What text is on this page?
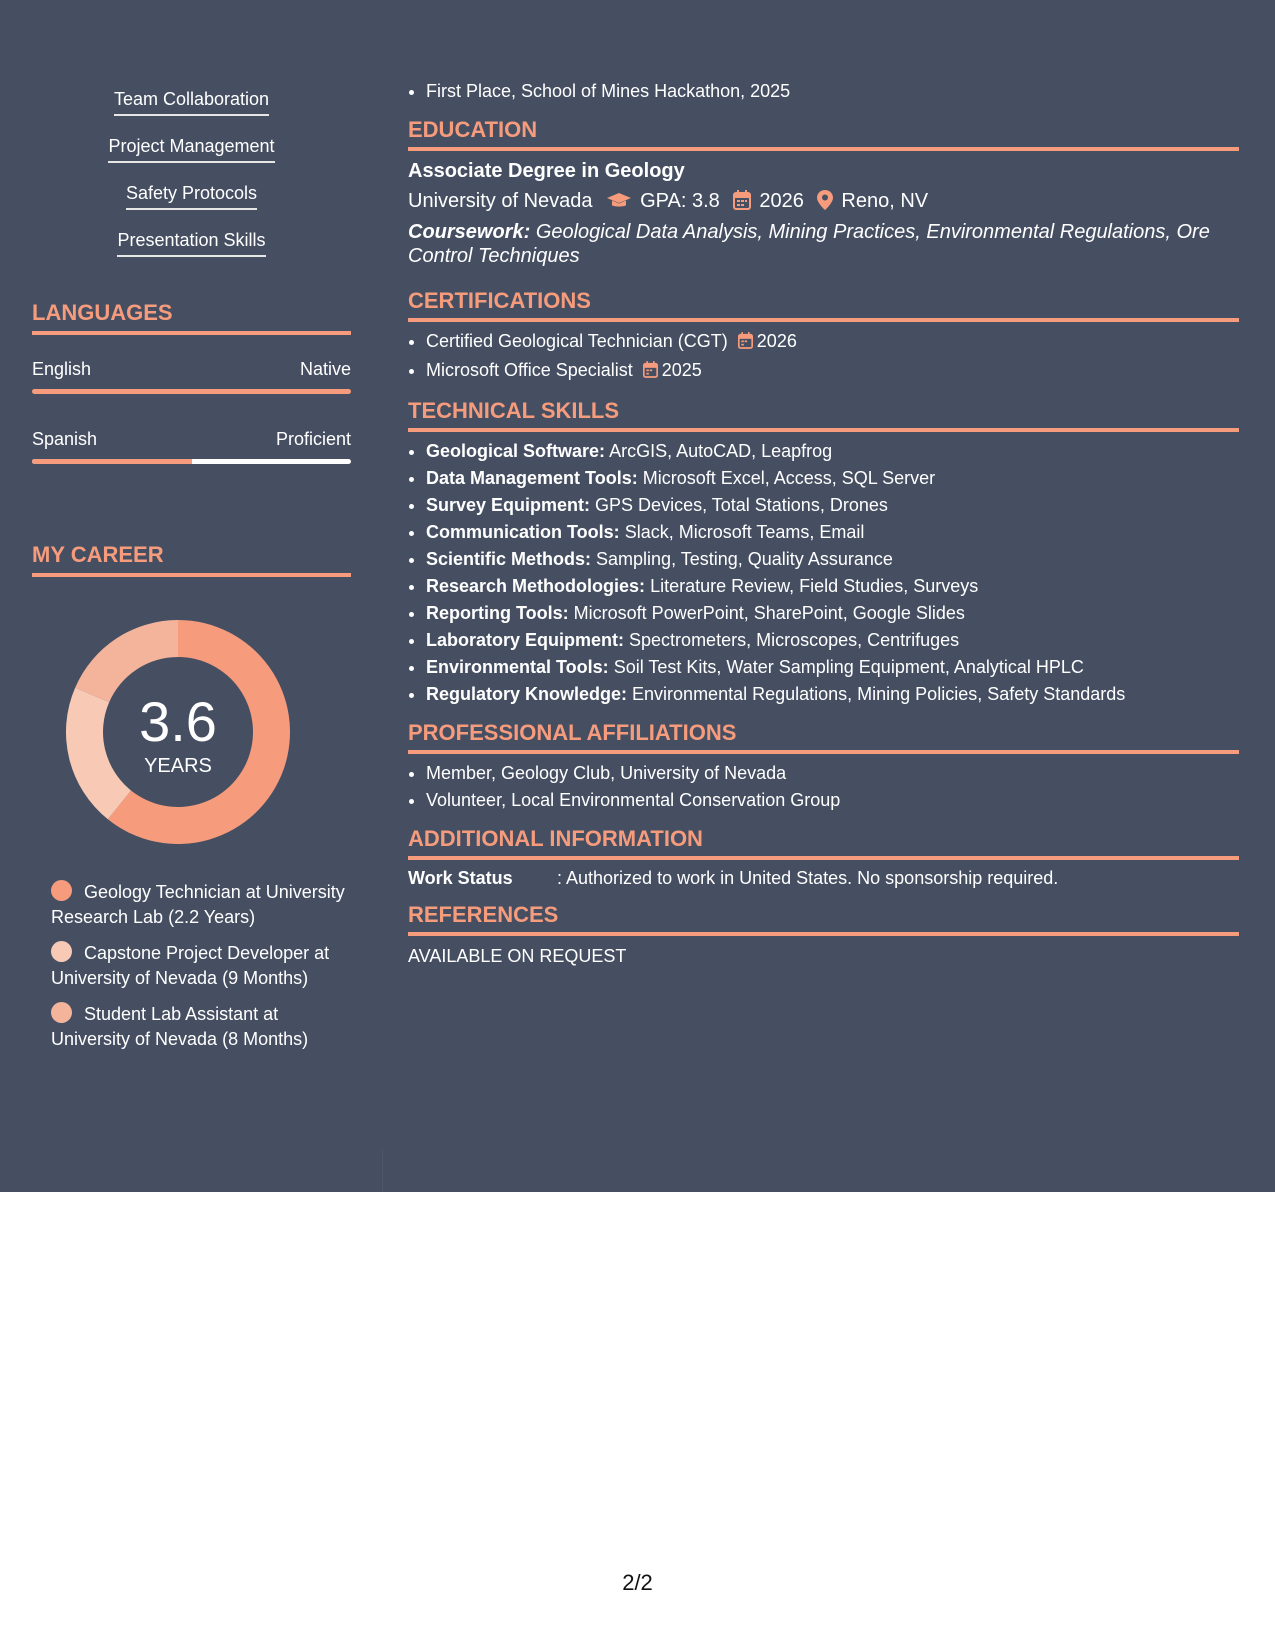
Team Collaboration
Project Management
Safety Protocols
Presentation Skills
LANGUAGES
English	Native
Spanish	Proficient
MY CAREER
3.6
YEARS
Geology Technician at University Research Lab (2.2 Years)
Capstone Project Developer at University of Nevada (9 Months)
Student Lab Assistant at University of Nevada (8 Months)
• First Place, School of Mines Hackathon, 2025
EDUCATION
Associate Degree in Geology
University of Nevada GPA: 3.8 2026 Reno, NV
Coursework: Geological Data Analysis, Mining Practices, Environmental Regulations, Ore Control Techniques
CERTIFICATIONS
• Certified Geological Technician (CGT) 2026
• Microsoft Office Specialist 2025
TECHNICAL SKILLS
• Geological Software: ArcGIS, AutoCAD, Leapfrog
• Data Management Tools: Microsoft Excel, Access, SQL Server
• Survey Equipment: GPS Devices, Total Stations, Drones
• Communication Tools: Slack, Microsoft Teams, Email
• Scientific Methods: Sampling, Testing, Quality Assurance
• Research Methodologies: Literature Review, Field Studies, Surveys
• Reporting Tools: Microsoft PowerPoint, SharePoint, Google Slides
• Laboratory Equipment: Spectrometers, Microscopes, Centrifuges
• Environmental Tools: Soil Test Kits, Water Sampling Equipment, Analytical HPLC
• Regulatory Knowledge: Environmental Regulations, Mining Policies, Safety Standards
PROFESSIONAL AFFILIATIONS
• Member, Geology Club, University of Nevada
• Volunteer, Local Environmental Conservation Group
ADDITIONAL INFORMATION
Work Status : Authorized to work in United States. No sponsorship required.
REFERENCES
AVAILABLE ON REQUEST
2/2
